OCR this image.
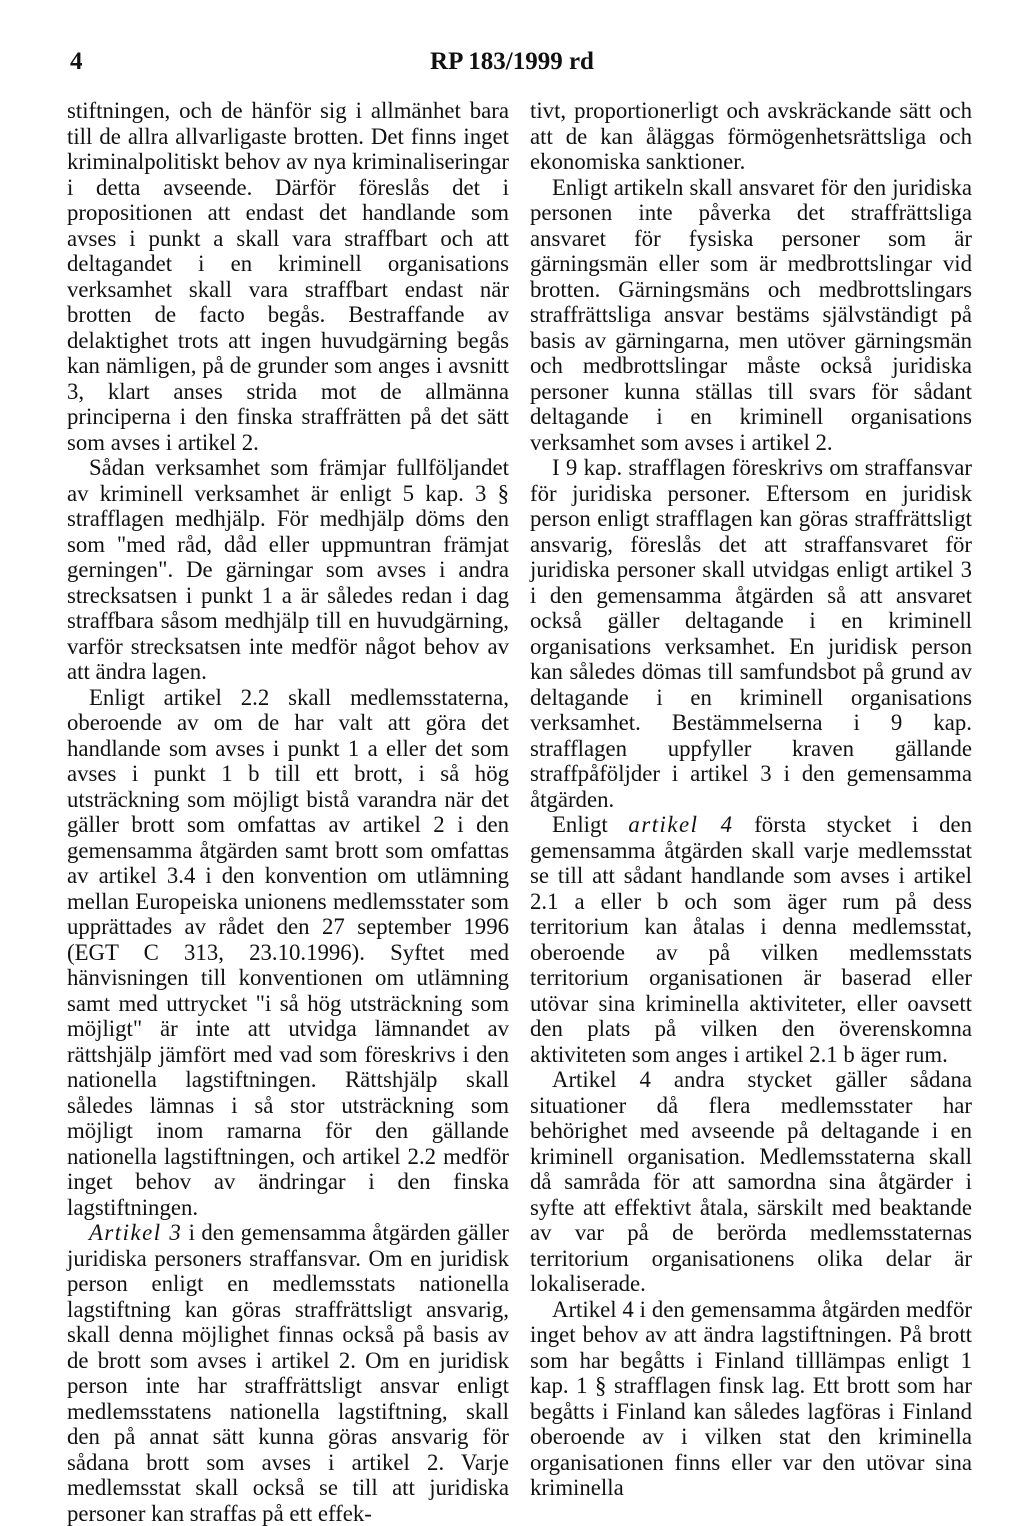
4	RP 183/1999 rd

stiftningen, och de hänför sig i allmänhet bara till de allra allvarligaste brotten. Det finns inget kriminalpolitiskt behov av nya kriminaliseringar i detta avseende. Därför föreslås det i propositionen att endast det handlande som avses i punkt a skall vara straffbart och att deltagandet i en kriminell organisations verksamhet skall vara straffbart endast när brotten de facto begås. Bestraffande av delaktighet trots att ingen huvudgärning begås kan nämligen, på de grunder som anges i avsnitt 3, klart anses strida mot de allmänna principerna i den finska straffrätten på det sätt som avses i artikel 2.

Sådan verksamhet som främjar fullföljandet av kriminell verksamhet är enligt 5 kap. 3 § strafflagen medhjälp. För medhjälp döms den som "med råd, dåd eller uppmuntran främjat gerningen". De gärningar som avses i andra strecksatsen i punkt 1 a är således redan i dag straffbara såsom medhjälp till en huvudgärning, varför strecksatsen inte medför något behov av att ändra lagen.

Enligt artikel 2.2 skall medlemsstaterna, oberoende av om de har valt att göra det handlande som avses i punkt 1 a eller det som avses i punkt 1 b till ett brott, i så hög utsträckning som möjligt bistå varandra när det gäller brott som omfattas av artikel 2 i den gemensamma åtgärden samt brott som omfattas av artikel 3.4 i den konvention om utlämning mellan Europeiska unionens medlemsstater som upprättades av rådet den 27 september 1996 (EGT C 313, 23.10.1996). Syftet med hänvisningen till konventionen om utlämning samt med uttrycket "i så hög utsträckning som möjligt" är inte att utvidga lämnandet av rättshjälp jämfört med vad som föreskrivs i den nationella lagstiftningen. Rättshjälp skall således lämnas i så stor utsträckning som möjligt inom ramarna för den gällande nationella lagstiftningen, och artikel 2.2 medför inget behov av ändringar i den finska lagstiftningen.

Artikel 3 i den gemensamma åtgärden gäller juridiska personers straffansvar. Om en juridisk person enligt en medlemsstats nationella lagstiftning kan göras straffrättsligt ansvarig, skall denna möjlighet finnas också på basis av de brott som avses i artikel 2. Om en juridisk person inte har straffrättsligt ansvar enligt medlemsstatens nationella lagstiftning, skall den på annat sätt kunna göras ansvarig för sådana brott som avses i artikel 2. Varje medlemsstat skall också se till att juridiska personer kan straffas på ett effek-

tivt, proportionerligt och avskräckande sätt och att de kan åläggas förmögenhetsrättsliga och ekonomiska sanktioner.

Enligt artikeln skall ansvaret för den juridiska personen inte påverka det straffrättsliga ansvaret för fysiska personer som är gärningsmän eller som är medbrottslingar vid brotten. Gärningsmäns och medbrottslingars straffrättsliga ansvar bestäms självständigt på basis av gärningarna, men utöver gärningsmän och medbrottslingar måste också juridiska personer kunna ställas till svars för sådant deltagande i en kriminell organisations verksamhet som avses i artikel 2.

I 9 kap. strafflagen föreskrivs om straffansvar för juridiska personer. Eftersom en juridisk person enligt strafflagen kan göras straffrättsligt ansvarig, föreslås det att straffansvaret för juridiska personer skall utvidgas enligt artikel 3 i den gemensamma åtgärden så att ansvaret också gäller deltagande i en kriminell organisations verksamhet. En juridisk person kan således dömas till samfundsbot på grund av deltagande i en kriminell organisations verksamhet. Bestämmelserna i 9 kap. strafflagen uppfyller kraven gällande straffpåföljder i artikel 3 i den gemensamma åtgärden.

Enligt artikel 4 första stycket i den gemensamma åtgärden skall varje medlemsstat se till att sådant handlande som avses i artikel 2.1 a eller b och som äger rum på dess territorium kan åtalas i denna medlemsstat, oberoende av på vilken medlemsstats territorium organisationen är baserad eller utövar sina kriminella aktiviteter, eller oavsett den plats på vilken den överenskomna aktiviteten som anges i artikel 2.1 b äger rum.

Artikel 4 andra stycket gäller sådana situationer då flera medlemsstater har behörighet med avseende på deltagande i en kriminell organisation. Medlemsstaterna skall då samråda för att samordna sina åtgärder i syfte att effektivt åtala, särskilt med beaktande av var på de berörda medlemsstaternas territorium organisationens olika delar är lokaliserade.

Artikel 4 i den gemensamma åtgärden medför inget behov av att ändra lagstiftningen. På brott som har begåtts i Finland tilllämpas enligt 1 kap. 1 § strafflagen finsk lag. Ett brott som har begåtts i Finland kan således lagföras i Finland oberoende av i vilken stat den kriminella organisationen finns eller var den utövar sina kriminella
